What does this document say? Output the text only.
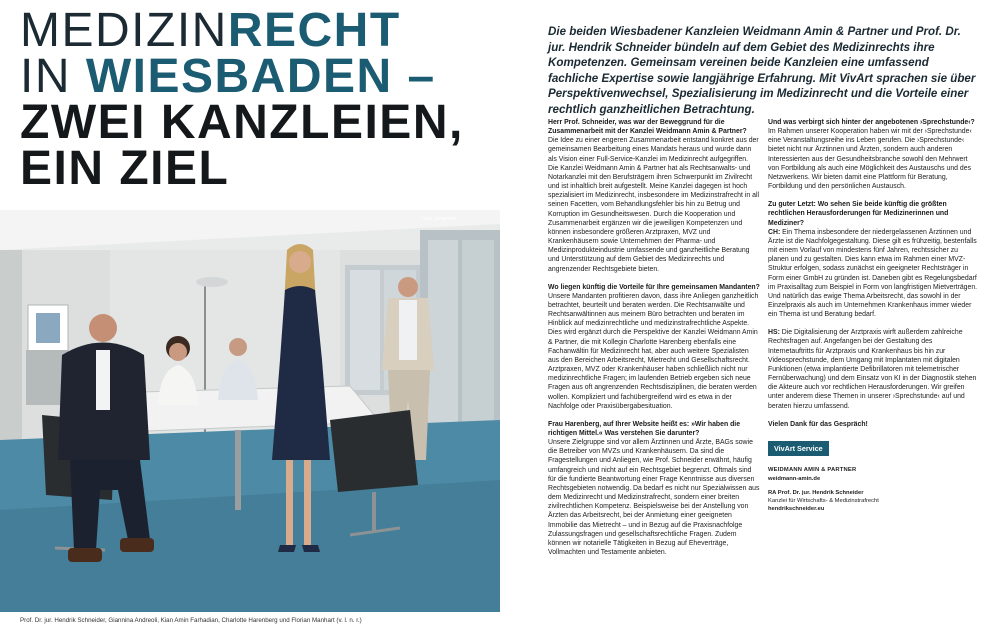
MEDIZINRECHT
IN WIESBADEN –
ZWEI KANZLEIEN,
EIN ZIEL

Die beiden Wiesbadener Kanzleien Weidmann Amin & Partner und Prof. Dr. jur. Hendrik Schneider bündeln auf dem Gebiet des Medizinrechts ihre Kompetenzen. Gemeinsam vereinen beide Kanzleien eine umfassend fachliche Expertise sowie langjährige Erfahrung. Mit VivArt sprachen sie über Perspektivenwechsel, Spezialisierung im Medizinrecht und die Vorteile einer rechtlich ganzheitlichen Betrachtung.

Foto: Jungewelt
Prof. Dr. jur. Hendrik Schneider, Giannina Andreoli, Kian Amin Farhadian, Charlotte Harenberg und Florian Manhart (v. l. n. r.)

Herr Prof. Schneider, was war der Beweggrund für die Zusammenarbeit mit der Kanzlei Weidmann Amin & Partner?

Die Idee zu einer engeren Zusammenarbeit entstand konkret aus der gemeinsamen Bearbeitung eines Mandats heraus und wurde dann als Vision einer Full-Service-Kanzlei im Medizinrecht aufgegriffen. Die Kanzlei Weidmann Amin & Partner hat als Rechtsanwalts- und Notarkanzlei mit den Berufsträgern ihren Schwerpunkt im Zivilrecht und ist inhaltlich breit aufgestellt. Meine Kanzlei dagegen ist hoch spezialisiert im Medizinrecht, insbesondere im Medizinstrafrecht in all seinen Facetten, vom Behandlungsfehler bis hin zu Betrug und Korruption im Gesundheitswesen. Durch die Kooperation und Zusammenarbeit ergänzen wir die jeweiligen Kompetenzen und können insbesondere größeren Arztpraxen, MVZ und Krankenhäusern sowie Unternehmen der Pharma- und Medizinprodukteindustrie umfassende und ganzheitliche Beratung und Unterstützung auf dem Gebiet des Medizinrechts und angrenzender Rechtsgebiete bieten.

Wo liegen künftig die Vorteile für Ihre gemeinsamen Mandanten?

Unsere Mandanten profitieren davon, dass ihre Anliegen ganzheitlich betrachtet, beurteilt und beraten werden. Die Rechtsanwälte und Rechtsanwältinnen aus meinem Büro betrachten und beraten im Hinblick auf medizinrechtliche und medizinstrafrechtliche Aspekte. Dies wird ergänzt durch die Perspektive der Kanzlei Weidmann Amin & Partner, die mit Kollegin Charlotte Harenberg ebenfalls eine Fachanwältin für Medizinrecht hat, aber auch weitere Spezialisten aus den Bereichen Arbeitsrecht, Mietrecht und Gesellschaftsrecht. Arztpraxen, MVZ oder Krankenhäuser haben schließlich nicht nur medizinrechtliche Fragen; im laufenden Betrieb ergeben sich neue Fragen aus oft angrenzenden Rechtsdisziplinen, die beraten werden wollen. Kompliziert und fachübergreifend wird es etwa in der Nachfolge oder Praxisübergabesituation.

Frau Harenberg, auf Ihrer Website heißt es: »Wir haben die richtigen Mittel.« Was verstehen Sie darunter?

Unsere Zielgruppe sind vor allem Ärztinnen und Ärzte, BAGs sowie die Betreiber von MVZs und Krankenhäusern. Da sind die Fragestellungen und Anliegen, wie Prof. Schneider erwähnt, häufig umfangreich und nicht auf ein Rechtsgebiet begrenzt. Oftmals sind für die fundierte Beantwortung einer Frage Kenntnisse aus diversen Rechtsgebieten notwendig. Da bedarf es nicht nur Spezialwissen aus dem Medizinrecht und Medizinstrafrecht, sondern einer breiten zivilrechtlichen Kompetenz. Beispielsweise bei der Anstellung von Ärzten das Arbeitsrecht, bei der Anmietung einer geeigneten Immobilie das Mietrecht – und in Bezug auf die Praxisnachfolge Zulassungsfragen und gesellschaftsrechtliche Fragen. Zudem können wir notarielle Tätigkeiten in Bezug auf Eheverträge, Vollmachten und Testamente anbieten.

Und was verbirgt sich hinter der angebotenen ›Sprechstunde‹?

Im Rahmen unserer Kooperation haben wir mit der ›Sprechstunde‹ eine Veranstaltungsreihe ins Leben gerufen. Die ›Sprechstunde‹ bietet nicht nur Ärztinnen und Ärzten, sondern auch anderen Interessierten aus der Gesundheitsbranche sowohl den Mehrwert von Fortbildung als auch eine Möglichkeit des Austauschs und des Netzwerkens. Wir bieten damit eine Plattform für Beratung, Fortbildung und den persönlichen Austausch.

Zu guter Letzt: Wo sehen Sie beide künftig die größten rechtlichen Herausforderungen für Medizinerinnen und Mediziner?

CH: Ein Thema insbesondere der niedergelassenen Ärztinnen und Ärzte ist die Nachfolgegestaltung. Diese gilt es frühzeitig, bestenfalls mit einem Vorlauf von mindestens fünf Jahren, rechtssicher zu planen und zu gestalten. Dies kann etwa im Rahmen einer MVZ-Struktur erfolgen, sodass zunächst ein geeigneter Rechtsträger in Form einer GmbH zu gründen ist. Daneben gibt es Regelungsbedarf im Praxisalltag zum Beispiel in Form von langfristigen Mietverträgen. Und natürlich das ewige Thema Arbeitsrecht, das sowohl in der Einzelpraxis als auch im Unternehmen Krankenhaus immer wieder ein Thema ist und Beratung bedarf.

HS: Die Digitalisierung der Arztpraxis wirft außerdem zahlreiche Rechtsfragen auf. Angefangen bei der Gestaltung des Internetauftritts für Arztpraxis und Krankenhaus bis hin zur Videosprechstunde, dem Umgang mit Implantaten mit digitalen Funktionen (etwa implantierte Defibrillatoren mit telemetrischer Fernüberwachung) und dem Einsatz von KI in der Diagnostik stehen die Akteure auch vor rechtlichen Herausforderungen. Wir greifen unter anderem diese Themen in unserer ›Sprechstunde‹ auf und beraten hierzu umfassend.

Vielen Dank für das Gespräch!

VivArt Service
WEIDMANN AMIN & PARTNER
weidmann-amin.de
RA Prof. Dr. jur. Hendrik Schneider
Kanzlei für Wirtschafts- & Medizinstrafrecht
hendrikschneider.eu
